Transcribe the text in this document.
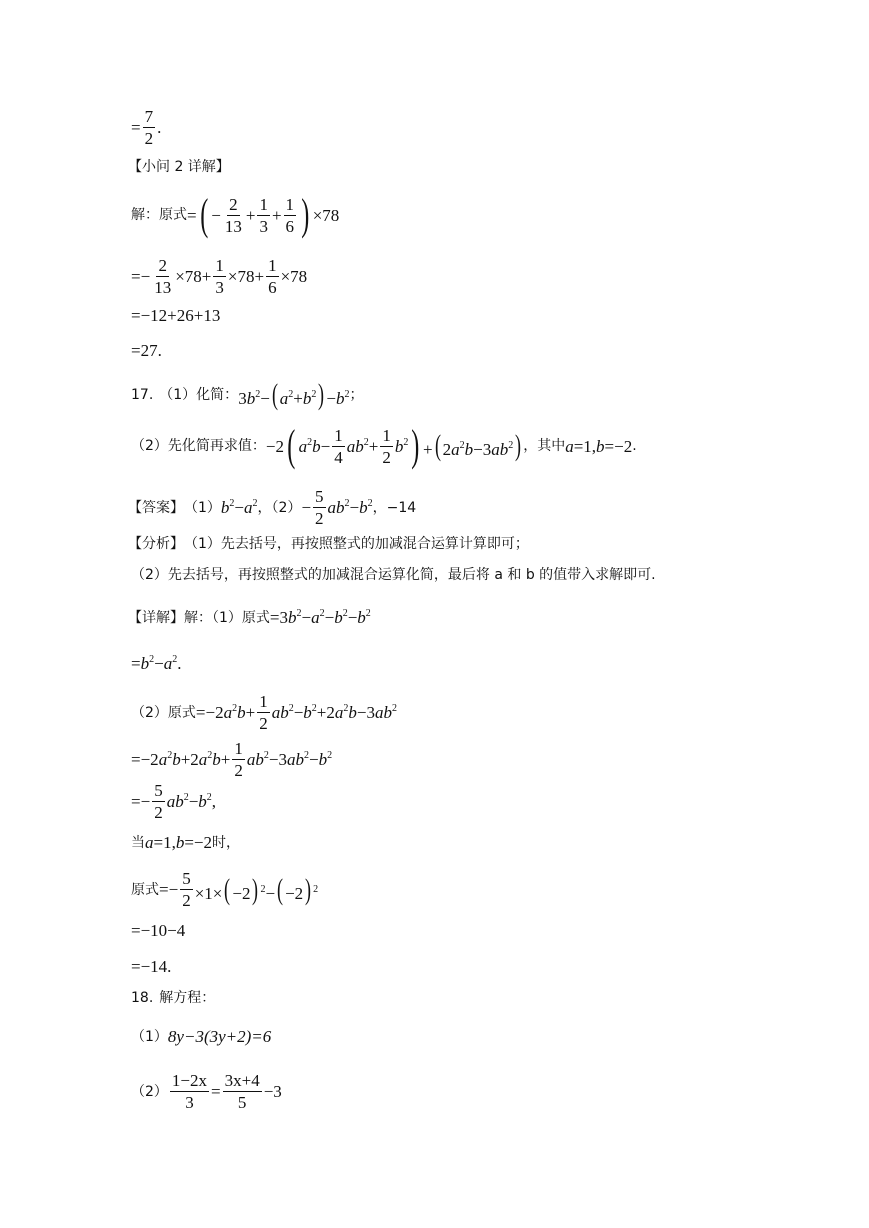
= $\frac{7}{2}$ .
【小问 2 详解】
解：原式 = ( − $\frac{2}{13} + \frac{1}{3} + \frac{1}{6}$ ) ×78
=− $\frac{2}{13} \times 78 + \frac{1}{3} \times 78+ \frac{1}{6} \times 78$
=−12+26+13
=27.
17. （1）化简： $3b^2-$( $a^2+b^2) -b^2$ ；
（2）先化简再求值： −2 ( $a^2b- \frac{1}{4} ab^2+ \frac{1}{2} b^2$ ) +( $2a^2b-3ab^2$) ，其中 a=1,b=−2 .
【答案】 （1） $b^2-a^2$ ，$(2) - \frac{5}{2} ab^2-b^2$ ，−14
【分析】 （1）先去括号，再按照整式的加减混合运算计算即可；
（2）先去括号，再按照整式的加减混合运算化简，最后将 a 和 b 的值带入求解即可.
【详解】 解：（1）原式 $=3b^2-a^2-b^2-b^2$
$=b^2-a^2$.
（2）原式 $=-2a^2b+ \frac{1}{2} ab^2-b^2+2a^2b-3ab^2$
$=-2a^2b+2a^2b+ \frac{1}{2} ab^2-3ab^2-b^2$
=− $\frac{5}{2} ab^2-b^2$,
当 a=1,b=−2 时，
原式 =− $\frac{5}{2} \times 1\times( -2)$ $^2$−( −2) $^2$
=−10−4
=−14.
18. 解方程：
（1） 8y−3(3y+2)=6
$(2) \frac{1-2x}{3} = \frac{3x+4}{5} -3$
